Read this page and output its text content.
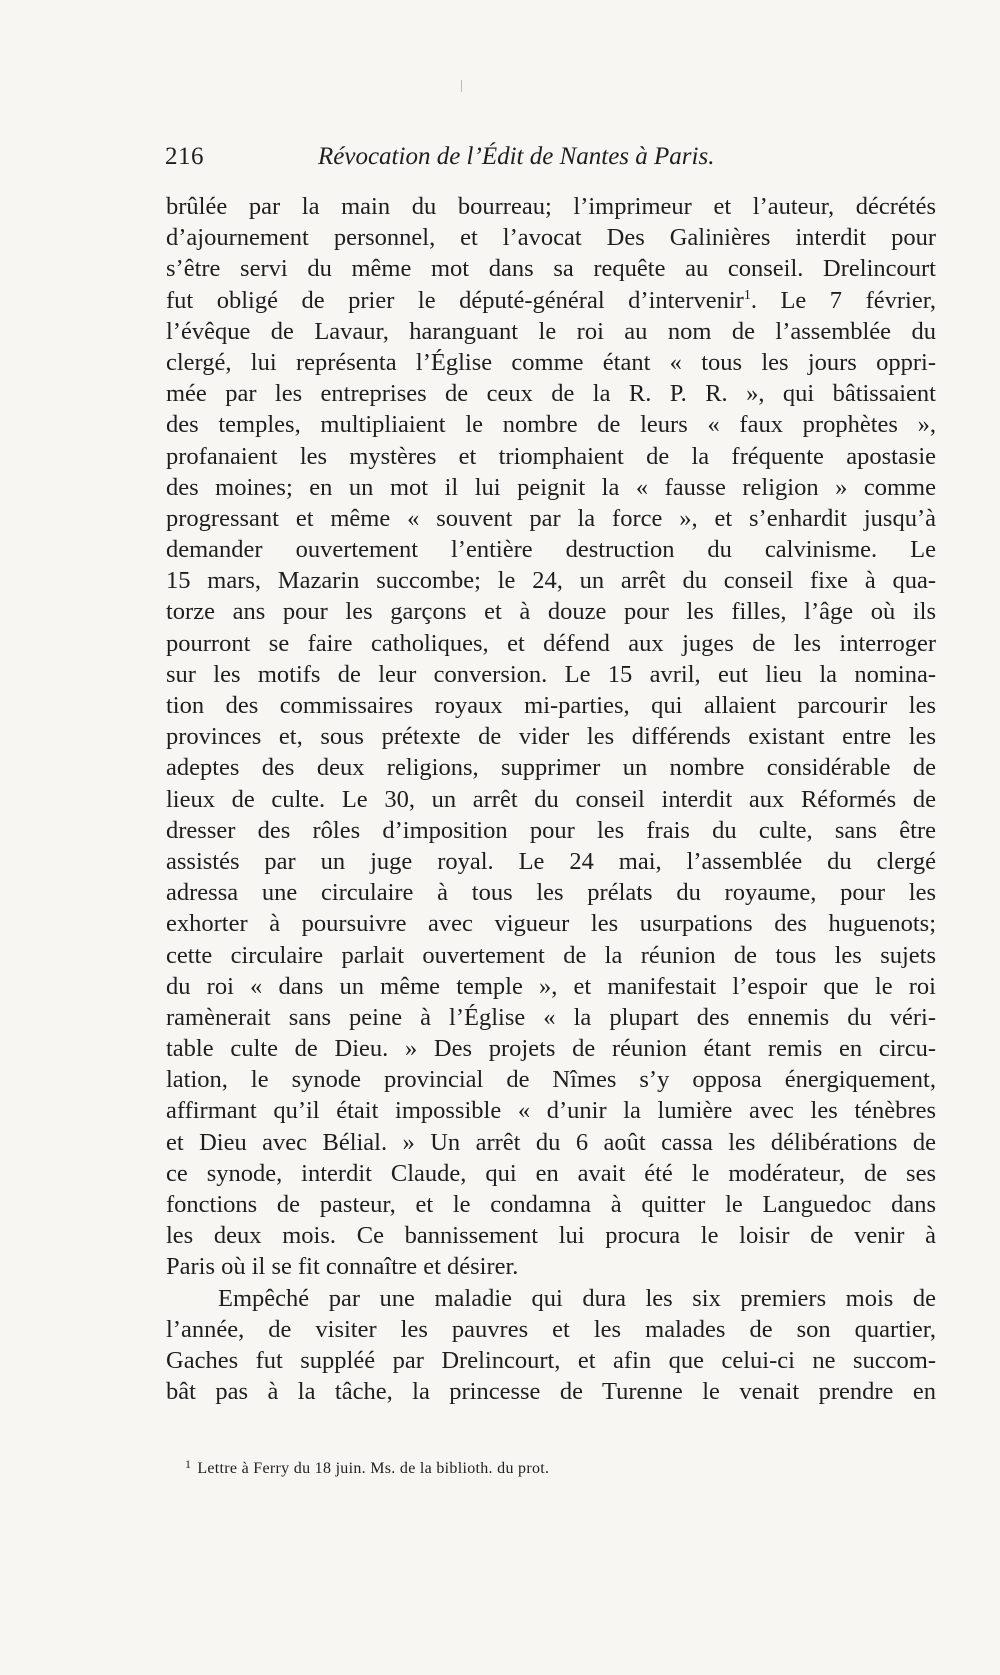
216	Révocation de l’Édit de Nantes à Paris.
brûlée par la main du bourreau; l’imprimeur et l’auteur, décrétés
d’ajournement personnel, et l’avocat Des Galinières interdit pour
s’être servi du même mot dans sa requête au conseil. Drelincourt
fut obligé de prier le député-général d’intervenir$^1$. Le 7 février,
l’évêque de Lavaur, haranguant le roi au nom de l’assemblée du
clergé, lui représenta l’Église comme étant « tous les jours oppri-
mée par les entreprises de ceux de la R. P. R. », qui bâtissaient
des temples, multipliaient le nombre de leurs « faux prophètes »,
profanaient les mystères et triomphaient de la fréquente apostasie
des moines; en un mot il lui peignit la « fausse religion » comme
progressant et même « souvent par la force », et s’enhardit jusqu’à
demander ouvertement l’entière destruction du calvinisme. Le
15 mars, Mazarin succombe; le 24, un arrêt du conseil fixe à qua-
torze ans pour les garçons et à douze pour les filles, l’âge où ils
pourront se faire catholiques, et défend aux juges de les interroger
sur les motifs de leur conversion. Le 15 avril, eut lieu la nomina-
tion des commissaires royaux mi-parties, qui allaient parcourir les
provinces et, sous prétexte de vider les différends existant entre les
adeptes des deux religions, supprimer un nombre considérable de
lieux de culte. Le 30, un arrêt du conseil interdit aux Réformés de
dresser des rôles d’imposition pour les frais du culte, sans être
assistés par un juge royal. Le 24 mai, l’assemblée du clergé
adressa une circulaire à tous les prélats du royaume, pour les
exhorter à poursuivre avec vigueur les usurpations des huguenots;
cette circulaire parlait ouvertement de la réunion de tous les sujets
du roi « dans un même temple », et manifestait l’espoir que le roi
ramènerait sans peine à l’Église « la plupart des ennemis du véri-
table culte de Dieu. » Des projets de réunion étant remis en circu-
lation, le synode provincial de Nîmes s’y opposa énergiquement,
affirmant qu’il était impossible « d’unir la lumière avec les ténèbres
et Dieu avec Bélial. » Un arrêt du 6 août cassa les délibérations de
ce synode, interdit Claude, qui en avait été le modérateur, de ses
fonctions de pasteur, et le condamna à quitter le Languedoc dans
les deux mois. Ce bannissement lui procura le loisir de venir à
Paris où il se fit connaître et désirer.
Empêché par une maladie qui dura les six premiers mois de
l’année, de visiter les pauvres et les malades de son quartier,
Gaches fut suppléé par Drelincourt, et afin que celui-ci ne succom-
bât pas à la tâche, la princesse de Turenne le venait prendre en
$^1$ Lettre à Ferry du 18 juin. Ms. de la biblioth. du prot.
